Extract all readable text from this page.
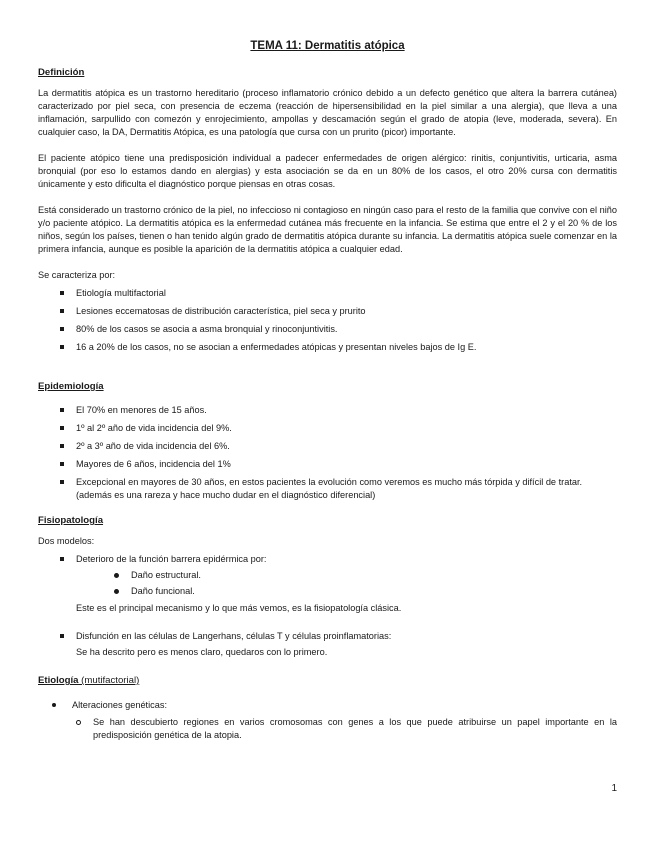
TEMA 11: Dermatitis atópica
Definición

La dermatitis atópica es un trastorno hereditario (proceso inflamatorio crónico debido a un defecto genético que altera la barrera cutánea) caracterizado por piel seca, con presencia de eczema (reacción de hipersensibilidad en la piel similar a una alergia), que lleva a una inflamación, sarpullido con comezón y enrojecimiento, ampollas y descamación según el grado de atopia (leve, moderada, severa). En cualquier caso, la DA, Dermatitis Atópica, es una patología que cursa con un prurito (picor) importante.

El paciente atópico tiene una predisposición individual a padecer enfermedades de origen alérgico: rinitis, conjuntivitis, urticaria, asma bronquial (por eso lo estamos dando en alergias) y esta asociación se da en un 80% de los casos, el otro 20% cursa con dermatitis únicamente y esto dificulta el diagnóstico porque piensas en otras cosas.

Está considerado un trastorno crónico de la piel, no infeccioso ni contagioso en ningún caso para el resto de la familia que convive con el niño y/o paciente atópico. La dermatitis atópica es la enfermedad cutánea más frecuente en la infancia. Se estima que entre el 2 y el 20 % de los niños, según los países, tienen o han tenido algún grado de dermatitis atópica durante su infancia. La dermatitis atópica suele comenzar en la primera infancia, aunque es posible la aparición de la dermatitis atópica a cualquier edad.

Se caracteriza por:
Etiología multifactorial
Lesiones eccematosas de distribución característica, piel seca y prurito
80% de los casos se asocia a asma bronquial y rinoconjuntivitis.
16 a 20% de los casos, no se asocian a enfermedades atópicas y presentan niveles bajos de Ig E.
Epidemiología
El 70% en menores de 15 años.
1º al 2º año de vida incidencia del 9%.
2º a 3º año de vida incidencia del 6%.
Mayores de 6 años, incidencia del 1%
Excepcional en mayores de 30 años, en estos pacientes la evolución como veremos es mucho más tórpida y difícil de tratar. (además es una rareza y hace mucho dudar en el diagnóstico diferencial)
Fisiopatología
Dos modelos:
Deterioro de la función barrera epidérmica por:
Daño estructural.
Daño funcional.
Este es el principal mecanismo y lo que más vemos, es la fisiopatología clásica.
Disfunción en las células de Langerhans, células T y células proinflamatorias:
Se ha descrito pero es menos claro, quedaros con lo primero.
Etiología (mutifactorial)
Alteraciones genéticas:
Se han descubierto regiones en varios cromosomas con genes a los que puede atribuirse un papel importante en la predisposición genética de la atopia.
1
